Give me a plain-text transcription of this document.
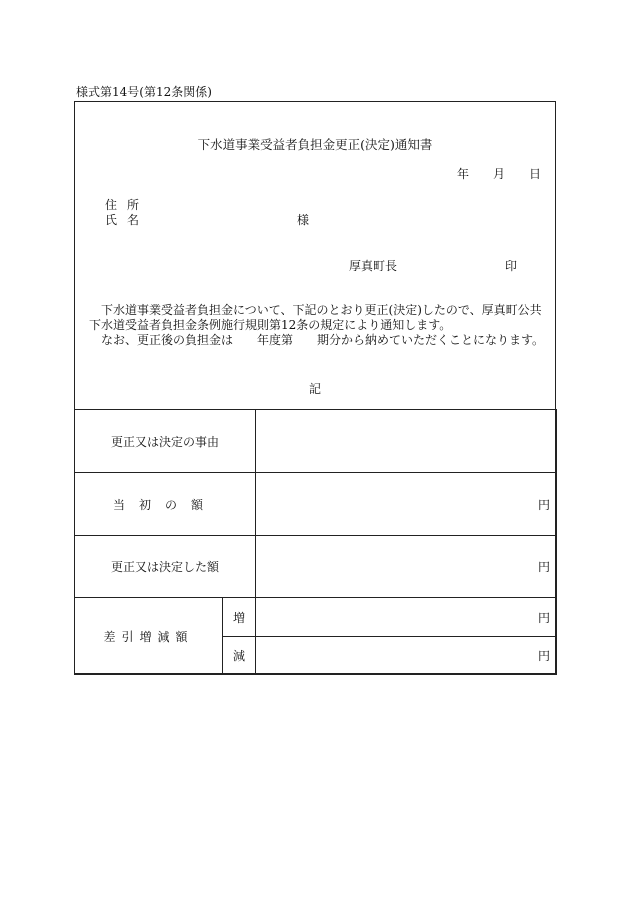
様式第14号(第12条関係)
下水道事業受益者負担金更正(決定)通知書
年 月 日
住所
氏名	様
厚真町長	印

下水道事業受益者負担金について、下記のとおり更正(決定)したので、厚真町公共下水道受益者負担金条例施行規則第12条の規定により通知します。

なお、更正後の負担金は　　年度第　　期分から納めていただくことになります。

記
更正又は決定の事由		
当初の額		円
更正又は決定した額		円
差引増減額	増	円
	減	円
